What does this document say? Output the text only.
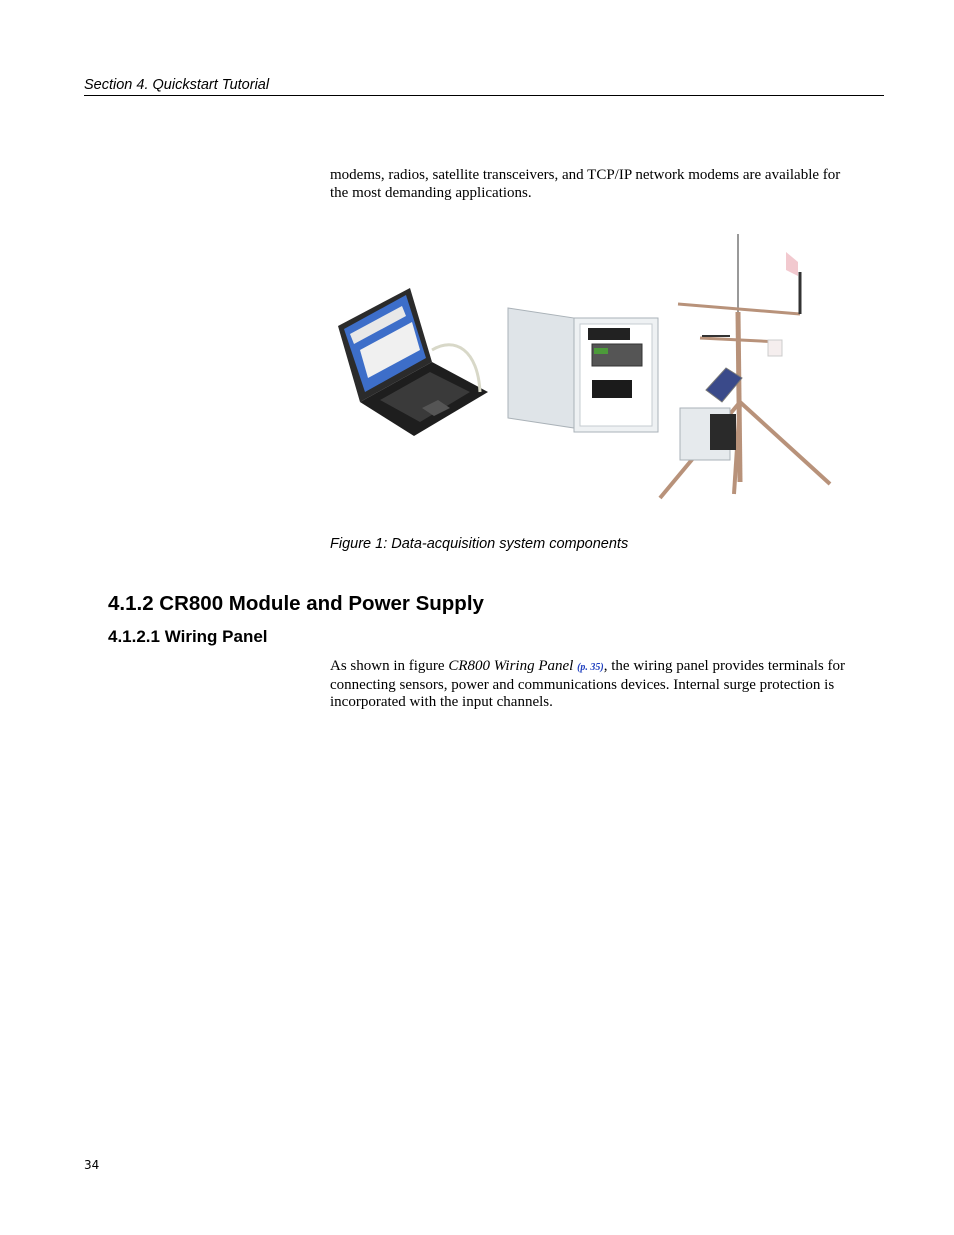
Section 4. Quickstart Tutorial

modems, radios, satellite transceivers, and TCP/IP network modems are available for the most demanding applications.

Figure 1: Data-acquisition system components
4.1.2 CR800 Module and Power Supply
4.1.2.1 Wiring Panel

As shown in figure CR800 Wiring Panel (p. 35), the wiring panel provides terminals for connecting sensors, power and communications devices. Internal surge protection is incorporated with the input channels.

34
